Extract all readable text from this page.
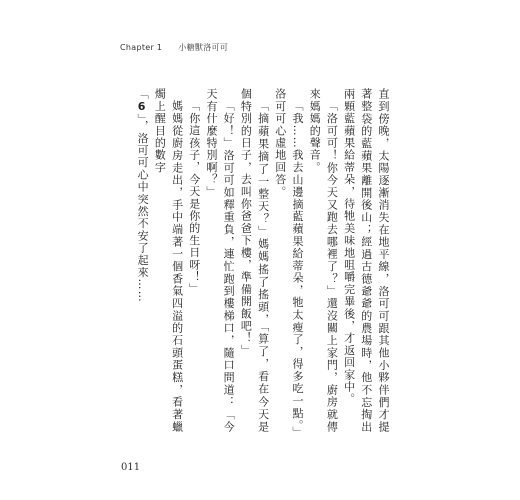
Chapter 1 小糖獸洛可可

直到傍晚，太陽逐漸消失在地平線，洛可可跟其他小夥伴們才提著整袋的藍蘋果離開後山；經過古德爺爺的農場時，他不忘掏出兩顆藍蘋果給蒂朵，待牠美味地咀嚼完畢後，才返回家中。

「洛可可！你今天又跑去哪裡了？」還沒關上家門，廚房就傳來媽媽的聲音。

「我……我去山邊摘藍蘋果給蒂朵，牠太瘦了，得多吃一點。」洛可可心虛地回答。

「摘蘋果摘了一整天？」媽媽搖了搖頭，「算了，看在今天是個特別的日子，去叫你爸爸下樓，準備開飯吧！」

「好！」洛可可如釋重負，連忙跑到樓梯口，隨口問道：「今天有什麼特別啊？」

「你這孩子，今天是你的生日呀！」

媽媽從廚房走出，手中端著一個香氣四溢的石頭蛋糕，看著蠟燭上醒目的數字

「6」，洛可可心中突然不安了起來……

011
